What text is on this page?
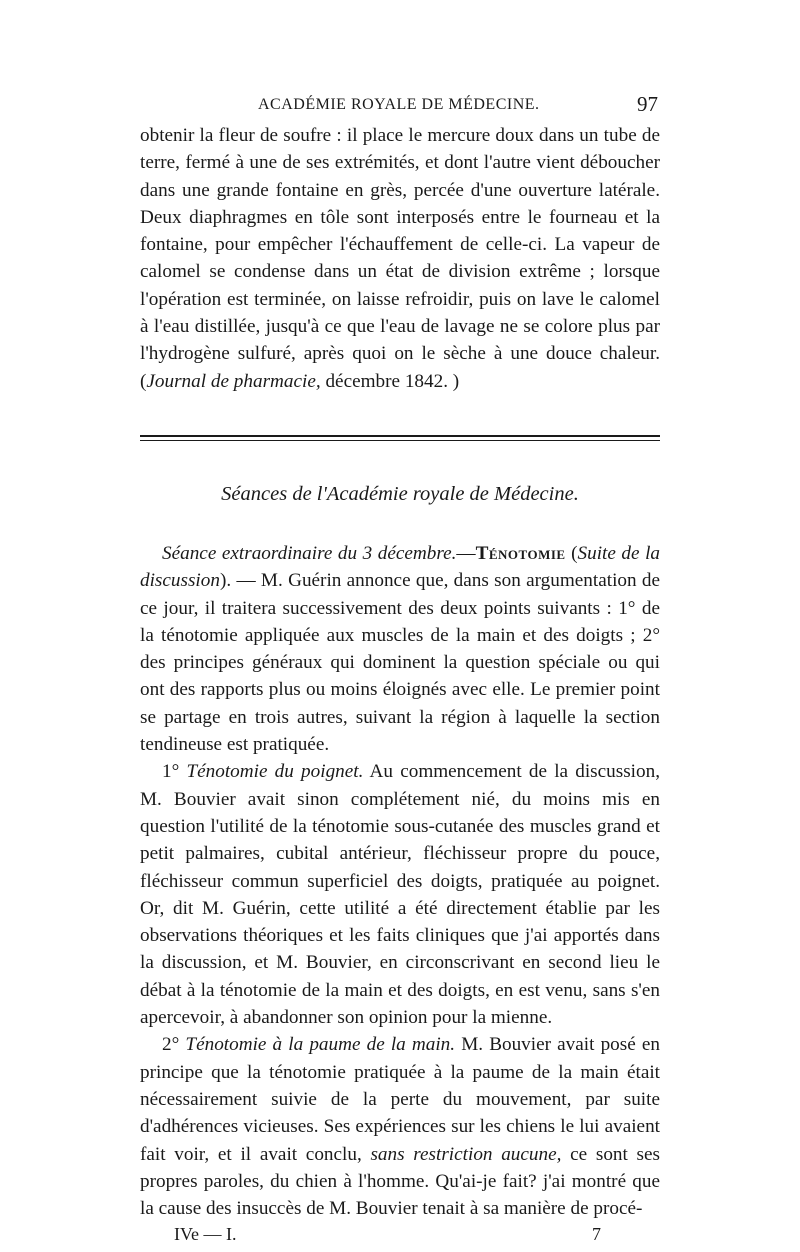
ACADÉMIE ROYALE DE MÉDECINE.	97

obtenir la fleur de soufre : il place le mercure doux dans un tube de terre, fermé à une de ses extrémités, et dont l'autre vient déboucher dans une grande fontaine en grès, percée d'une ouverture latérale. Deux diaphragmes en tôle sont interposés entre le fourneau et la fontaine, pour empêcher l'échauffement de celle-ci. La vapeur de calomel se condense dans un état de division extrême ; lorsque l'opération est terminée, on laisse refroidir, puis on lave le calomel à l'eau distillée, jusqu'à ce que l'eau de lavage ne se colore plus par l'hydrogène sulfuré, après quoi on le sèche à une douce chaleur. (Journal de pharmacie, décembre 1842. )

Séances de l'Académie royale de Médecine.

Séance extraordinaire du 3 décembre.—Ténotomie (Suite de la discussion). — M. Guérin annonce que, dans son argumentation de ce jour, il traitera successivement des deux points suivants : 1° de la ténotomie appliquée aux muscles de la main et des doigts ; 2° des principes généraux qui dominent la question spéciale ou qui ont des rapports plus ou moins éloignés avec elle. Le premier point se partage en trois autres, suivant la région à laquelle la section tendineuse est pratiquée.

1° Ténotomie du poignet. Au commencement de la discussion, M. Bouvier avait sinon complétement nié, du moins mis en question l'utilité de la ténotomie sous-cutanée des muscles grand et petit palmaires, cubital antérieur, fléchisseur propre du pouce, fléchisseur commun superficiel des doigts, pratiquée au poignet. Or, dit M. Guérin, cette utilité a été directement établie par les observations théoriques et les faits cliniques que j'ai apportés dans la discussion, et M. Bouvier, en circonscrivant en second lieu le débat à la ténotomie de la main et des doigts, en est venu, sans s'en apercevoir, à abandonner son opinion pour la mienne.

2° Ténotomie à la paume de la main. M. Bouvier avait posé en principe que la ténotomie pratiquée à la paume de la main était nécessairement suivie de la perte du mouvement, par suite d'adhérences vicieuses. Ses expériences sur les chiens le lui avaient fait voir, et il avait conclu, sans restriction aucune, ce sont ses propres paroles, du chien à l'homme. Qu'ai-je fait? j'ai montré que la cause des insuccès de M. Bouvier tenait à sa manière de procé-

IVe — I.	7
